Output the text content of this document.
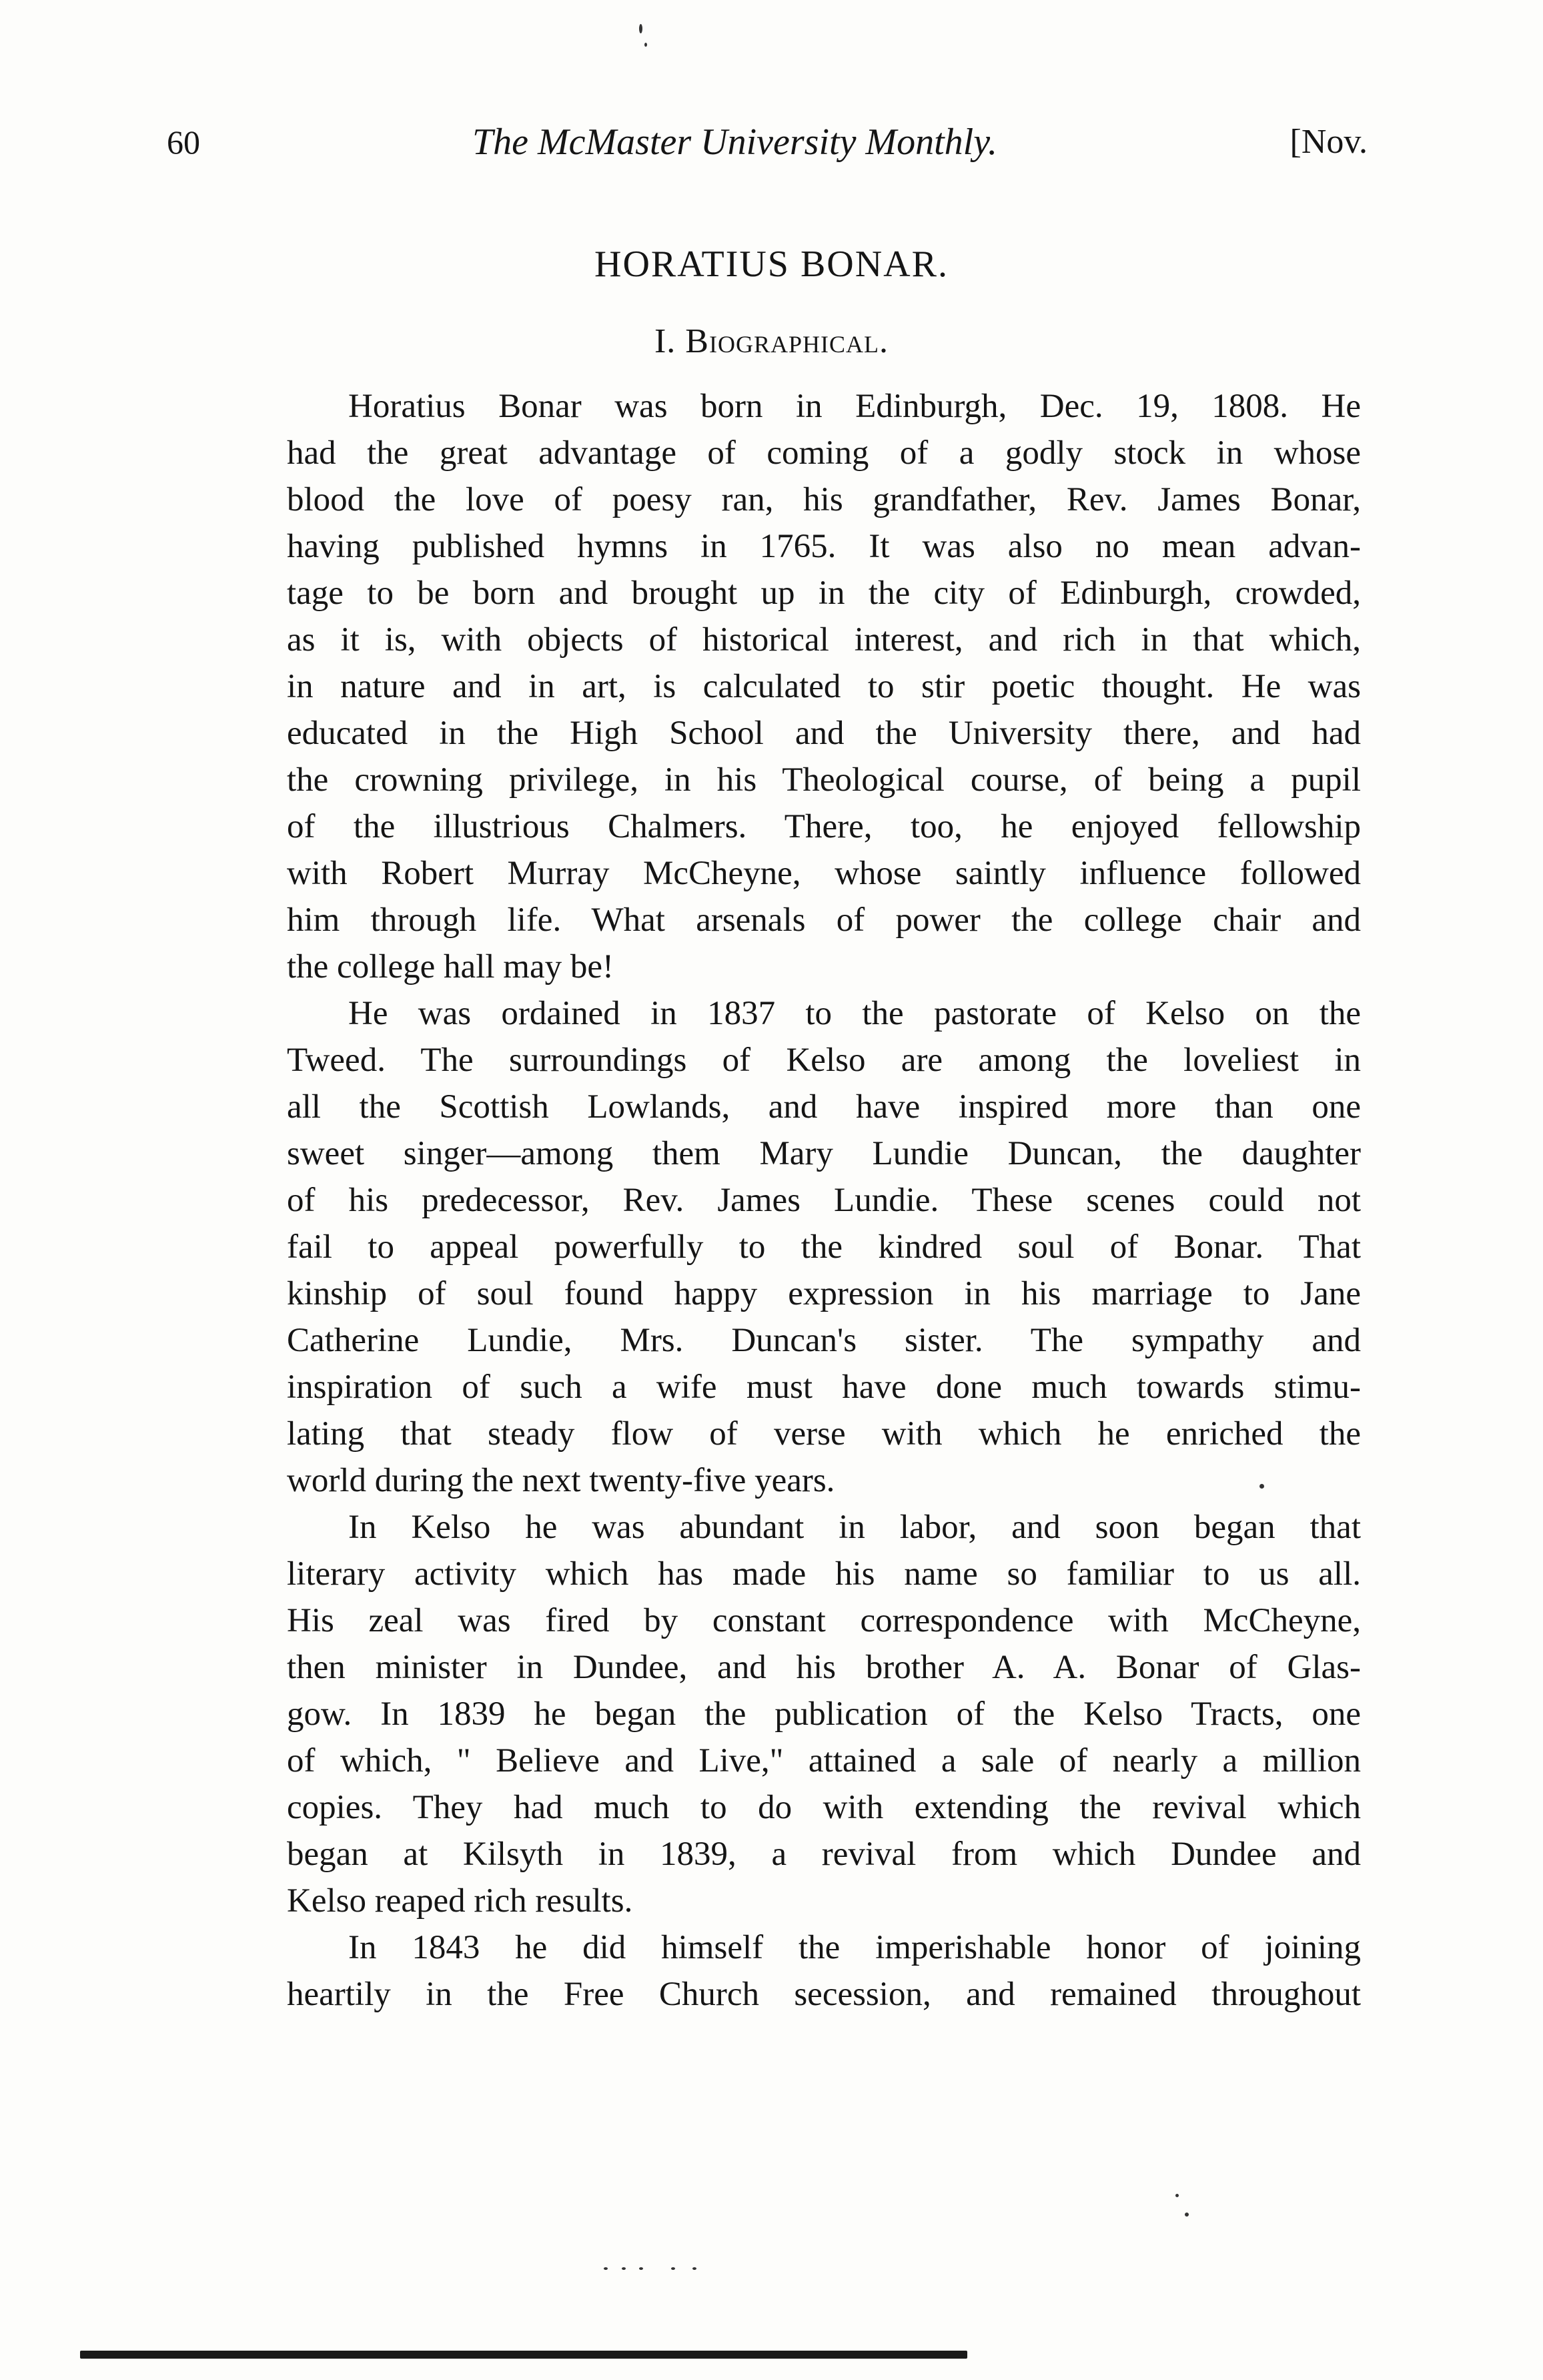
60	The McMaster University Monthly.	[Nov.
HORATIUS BONAR.
I. Biographical.
Horatius Bonar was born in Edinburgh, Dec. 19, 1808. He
had the great advantage of coming of a godly stock in whose
blood the love of poesy ran, his grandfather, Rev. James Bonar,
having published hymns in 1765. It was also no mean advan-
tage to be born and brought up in the city of Edinburgh, crowded,
as it is, with objects of historical interest, and rich in that which,
in nature and in art, is calculated to stir poetic thought. He was
educated in the High School and the University there, and had
the crowning privilege, in his Theological course, of being a pupil
of the illustrious Chalmers. There, too, he enjoyed fellowship
with Robert Murray McCheyne, whose saintly influence followed
him through life. What arsenals of power the college chair and
the college hall may be!
He was ordained in 1837 to the pastorate of Kelso on the
Tweed. The surroundings of Kelso are among the loveliest in
all the Scottish Lowlands, and have inspired more than one
sweet singer—among them Mary Lundie Duncan, the daughter
of his predecessor, Rev. James Lundie. These scenes could not
fail to appeal powerfully to the kindred soul of Bonar. That
kinship of soul found happy expression in his marriage to Jane
Catherine Lundie, Mrs. Duncan's sister. The sympathy and
inspiration of such a wife must have done much towards stimu-
lating that steady flow of verse with which he enriched the
world during the next twenty-five years.
In Kelso he was abundant in labor, and soon began that
literary activity which has made his name so familiar to us all.
His zeal was fired by constant correspondence with McCheyne,
then minister in Dundee, and his brother A. A. Bonar of Glas-
gow. In 1839 he began the publication of the Kelso Tracts, one
of which, " Believe and Live," attained a sale of nearly a million
copies. They had much to do with extending the revival which
began at Kilsyth in 1839, a revival from which Dundee and
Kelso reaped rich results.
In 1843 he did himself the imperishable honor of joining
heartily in the Free Church secession, and remained throughout
